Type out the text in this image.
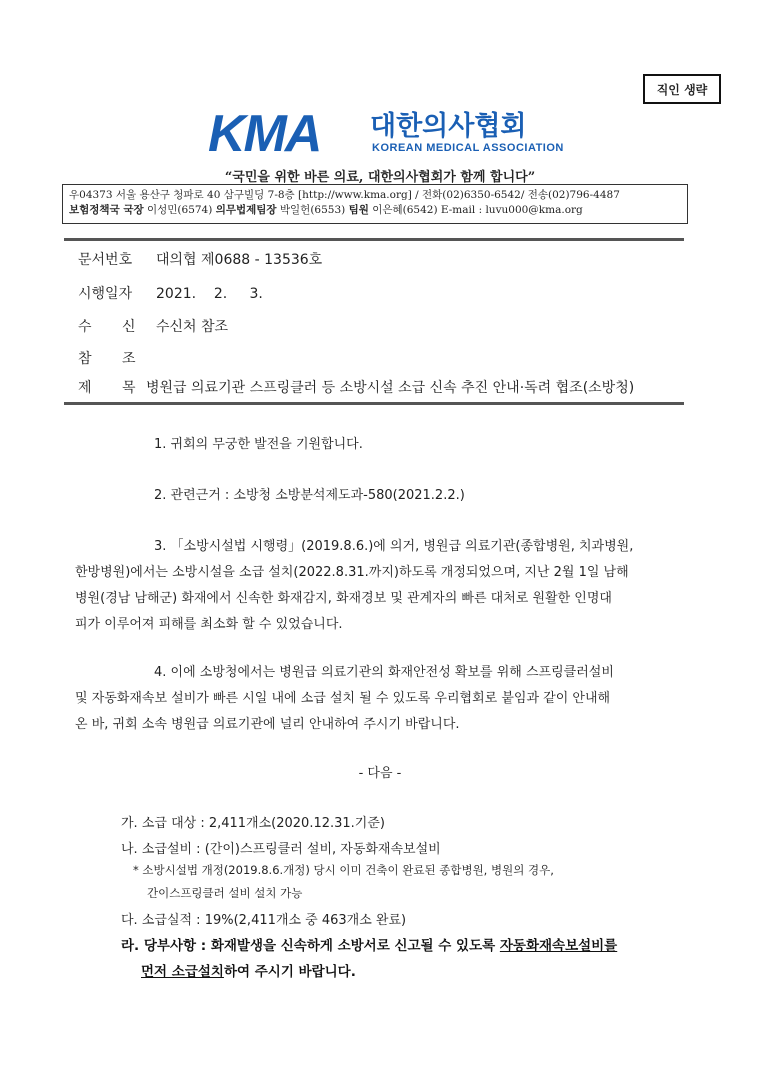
직인 생략
KMA 대한의사협회
KOREAN MEDICAL ASSOCIATION
“국민을 위한 바른 의료, 대한의사협회가 함께 합니다”
우04373 서울 용산구 청파로 40 삼구빌딩 7-8층 [http://www.kma.org] / 전화(02)6350-6542/ 전송(02)796-4487
보험정책국 국장 이성민(6574) 의무법제팀장 박일헌(6553) 팀원 이은혜(6542) E-mail : luvu000@kma.org
문서번호 대의협 제0688 - 13536호
시행일자 2021.    2.     3.
수 신 수신처 참조
참 조
제 목 병원급 의료기관 스프링클러 등 소방시설 소급 신속 추진 안내·독려 협조(소방청)
1. 귀회의 무궁한 발전을 기원합니다.
2. 관련근거 : 소방청 소방분석제도과-580(2021.2.2.)
3. 「소방시설법 시행령」(2019.8.6.)에 의거, 병원급 의료기관(종합병원, 치과병원,
한방병원)에서는 소방시설을 소급 설치(2022.8.31.까지)하도록 개정되었으며, 지난 2월 1일 남해
병원(경남 남해군) 화재에서 신속한 화재감지, 화재경보 및 관계자의 빠른 대처로 원활한 인명대
피가 이루어져 피해를 최소화 할 수 있었습니다.
4. 이에 소방청에서는 병원급 의료기관의 화재안전성 확보를 위해 스프링클러설비
및 자동화재속보 설비가 빠른 시일 내에 소급 설치 될 수 있도록 우리협회로 붙임과 같이 안내해
온 바, 귀회 소속 병원급 의료기관에 널리 안내하여 주시기 바랍니다.
- 다음 -
가. 소급 대상 : 2,411개소(2020.12.31.기준)
나. 소급설비 : (간이)스프링클러 설비, 자동화재속보설비
* 소방시설법 개정(2019.8.6.개정) 당시 이미 건축이 완료된 종합병원, 병원의 경우,
간이스프링클러 설비 설치 가능
다. 소급실적 : 19%(2,411개소 중 463개소 완료)
라. 당부사항 : 화재발생을 신속하게 소방서로 신고될 수 있도록 자동화재속보설비를
먼저 소급설치하여 주시기 바랍니다.
